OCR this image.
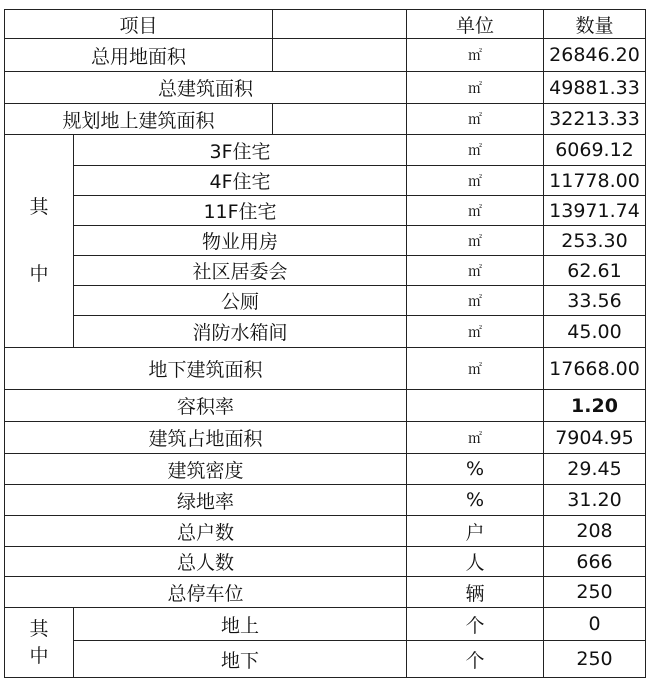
项目			单位	数量
总用地面积			㎡	26846.20
总建筑面积			㎡	49881.33
规划地上建筑面积			㎡	32213.33

其
中	3F住宅		㎡	6069.12
	4F住宅		㎡	11778.00
	11F住宅		㎡	13971.74
	物业用房		㎡	253.30
	社区居委会		㎡	62.61
	公厕		㎡	33.56
	消防水箱间		㎡	45.00
地下建筑面积			㎡	17668.00
容积率				1.20
建筑占地面积			㎡	7904.95
建筑密度			%	29.45
绿地率			%	31.20
总户数			户	208
总人数			人	666
总停车位			辆	250

其
中	地上		个	0
	地下		个	250
